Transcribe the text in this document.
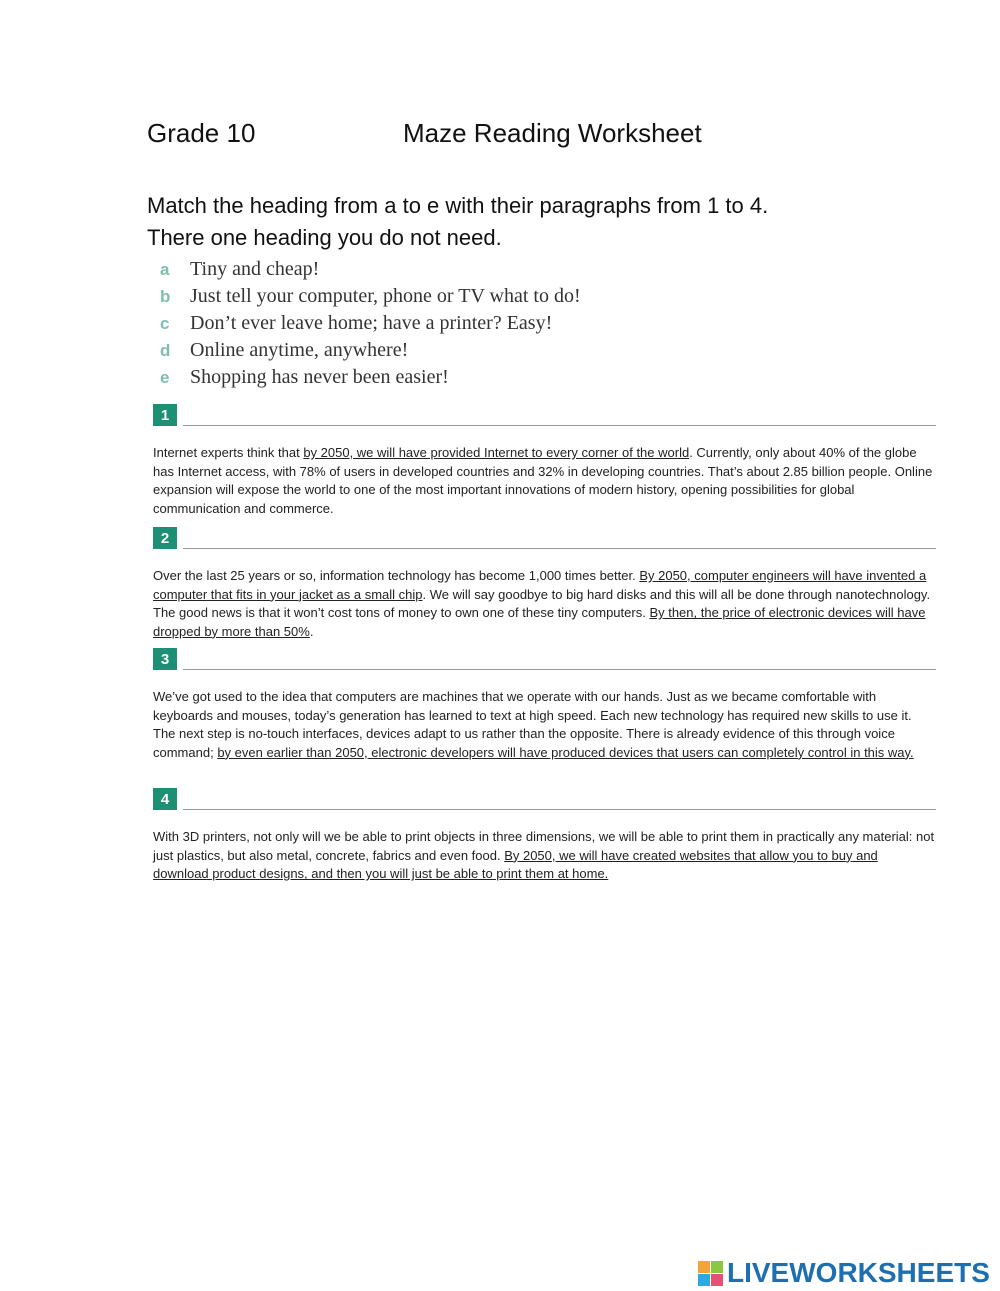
Grade 10	Maze Reading Worksheet
Match the heading from a to e with their paragraphs from 1 to 4.
There one heading you do not need.
a	Tiny and cheap!
b Just tell your computer, phone or TV what to do!
c	Don’t ever leave home; have a printer? Easy!
d Online anytime, anywhere!
e	Shopping has never been easier!
1
Internet experts think that by 2050, we will have provided Internet to every corner of the world. Currently, only about 40% of the globe has Internet access, with 78% of users in developed countries and 32% in developing countries. That’s about 2.85 billion people. Online expansion will expose the world to one of the most important innovations of modern history, opening possibilities for global communication and commerce.
2
Over the last 25 years or so, information technology has become 1,000 times better. By 2050, computer engineers will have invented a computer that fits in your jacket as a small chip. We will say goodbye to big hard disks and this will all be done through nanotechnology. The good news is that it won’t cost tons of money to own one of these tiny computers. By then, the price of electronic devices will have dropped by more than 50%.
3
We’ve got used to the idea that computers are machines that we operate with our hands. Just as we became comfortable with keyboards and mouses, today’s generation has learned to text at high speed. Each new technology has required new skills to use it. The next step is no-touch interfaces, devices adapt to us rather than the opposite. There is already evidence of this through voice command; by even earlier than 2050, electronic developers will have produced devices that users can completely control in this way.
4
With 3D printers, not only will we be able to print objects in three dimensions, we will be able to print them in practically any material: not just plastics, but also metal, concrete, fabrics and even food. By 2050, we will have created websites that allow you to buy and download product designs, and then you will just be able to print them at home.
LIVEWORKSHEETS
